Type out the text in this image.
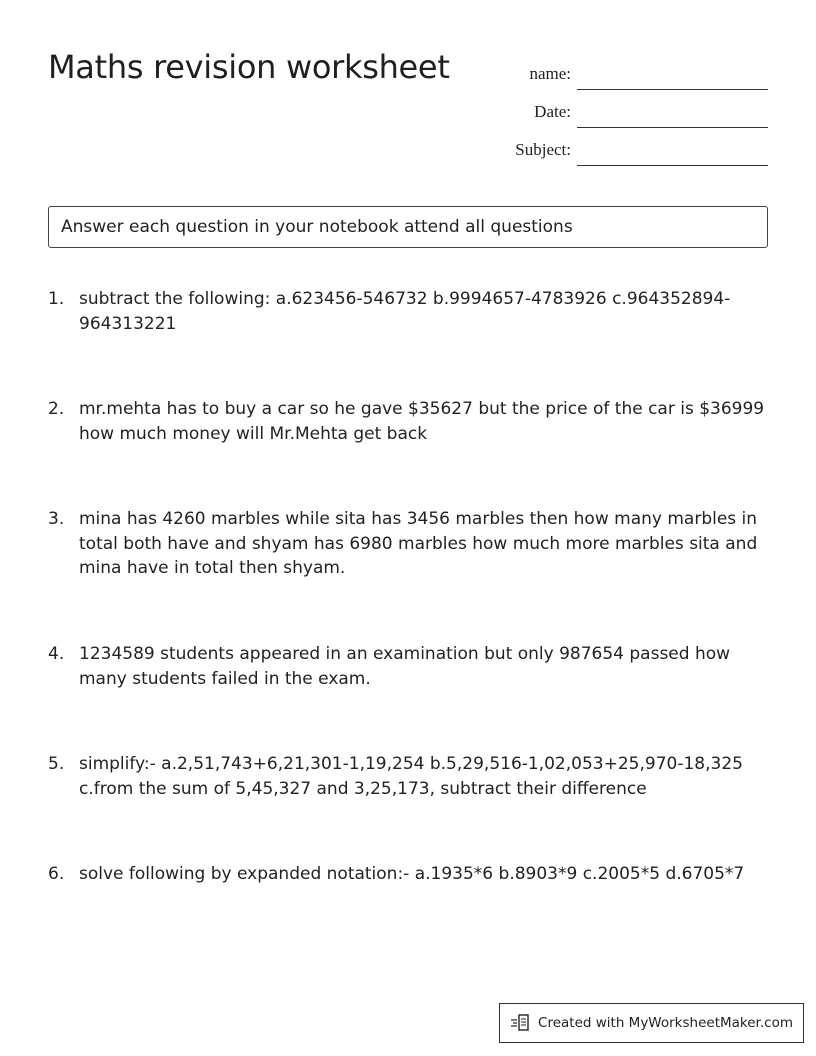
Maths revision worksheet	name:
Date:
Subject:
Answer each question in your notebook attend all questions
1. subtract the following: a.623456-546732 b.9994657-4783926 c.964352894-964313221
2. mr.mehta has to buy a car so he gave $35627 but the price of the car is $36999 how much money will Mr.Mehta get back
3. mina has 4260 marbles while sita has 3456 marbles then how many marbles in total both have and shyam has 6980 marbles how much more marbles sita and mina have in total then shyam.
4. 1234589 students appeared in an examination but only 987654 passed how many students failed in the exam.
5. simplify:- a.2,51,743+6,21,301-1,19,254 b.5,29,516-1,02,053+25,970-18,325 c.from the sum of 5,45,327 and 3,25,173, subtract their difference
6. solve following by expanded notation:- a.1935*6 b.8903*9 c.2005*5 d.6705*7
Created with MyWorksheetMaker.com
